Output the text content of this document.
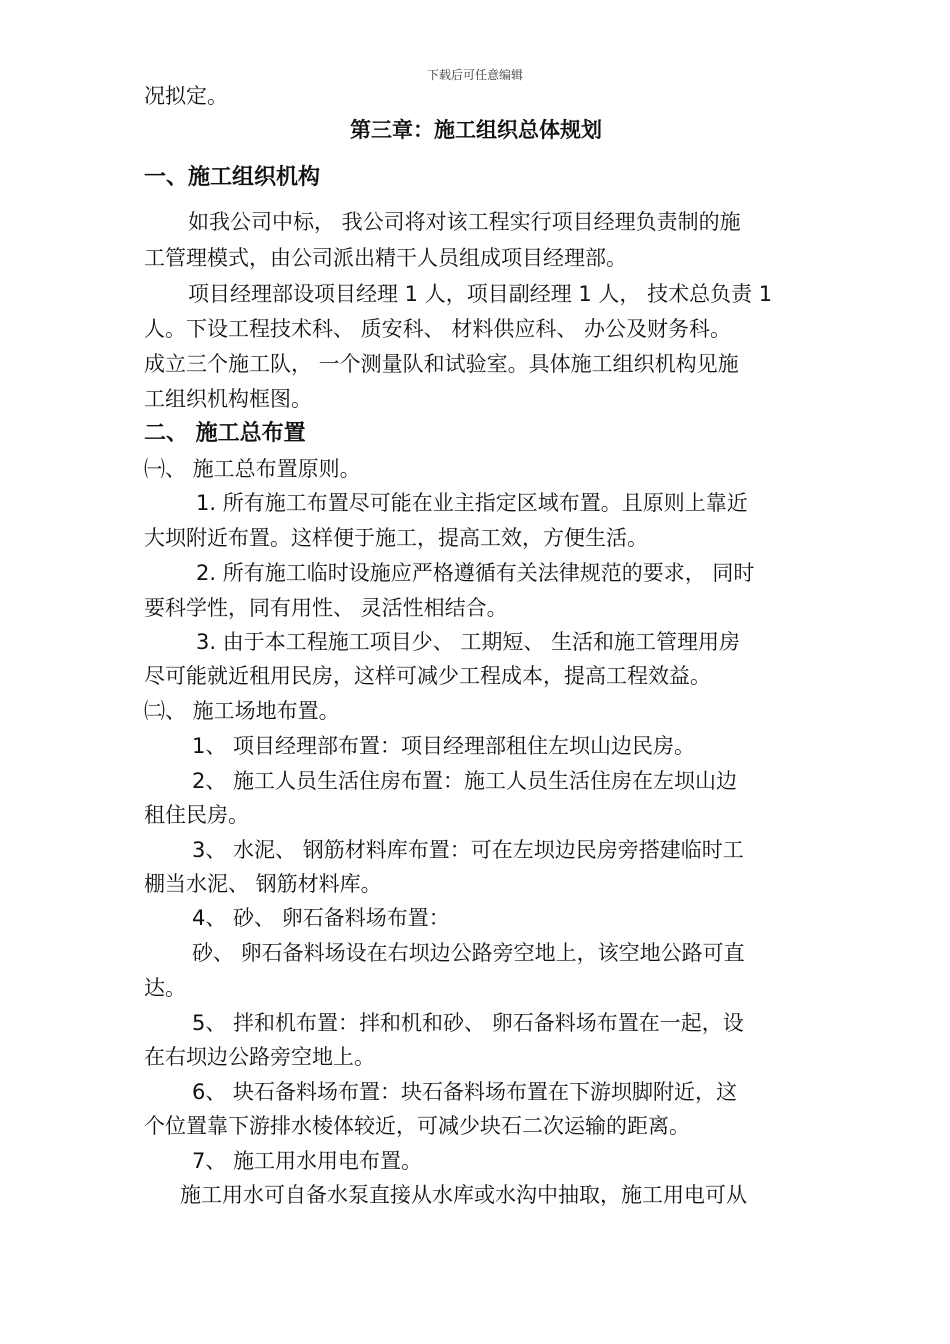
下载后可任意编辑
况拟定。
第三章：施工组织总体规划
一、施工组织机构
如我公司中标， 我公司将对该工程实行项目经理负责制的施
工管理模式，由公司派出精干人员组成项目经理部。
项目经理部设项目经理 1 人，项目副经理 1 人， 技术总负责 1
人。下设工程技术科、 质安科、 材料供应科、 办公及财务科。
成立三个施工队， 一个测量队和试验室。具体施工组织机构见施
工组织机构框图。
二、 施工总布置
㈠、 施工总布置原则。
1. 所有施工布置尽可能在业主指定区域布置。且原则上靠近
大坝附近布置。这样便于施工，提高工效，方便生活。
2. 所有施工临时设施应严格遵循有关法律规范的要求， 同时
要科学性，同有用性、 灵活性相结合。
3. 由于本工程施工项目少、 工期短、 生活和施工管理用房
尽可能就近租用民房，这样可减少工程成本，提高工程效益。
㈡、 施工场地布置。
1、 项目经理部布置：项目经理部租住左坝山边民房。
2、 施工人员生活住房布置：施工人员生活住房在左坝山边
租住民房。
3、 水泥、 钢筋材料库布置：可在左坝边民房旁搭建临时工
棚当水泥、 钢筋材料库。
4、 砂、 卵石备料场布置：
砂、 卵石备料场设在右坝边公路旁空地上，该空地公路可直
达。
5、 拌和机布置：拌和机和砂、 卵石备料场布置在一起，设
在右坝边公路旁空地上。
6、 块石备料场布置：块石备料场布置在下游坝脚附近，这
个位置靠下游排水棱体较近，可减少块石二次运输的距离。
7、 施工用水用电布置。
施工用水可自备水泵直接从水库或水沟中抽取，施工用电可从
